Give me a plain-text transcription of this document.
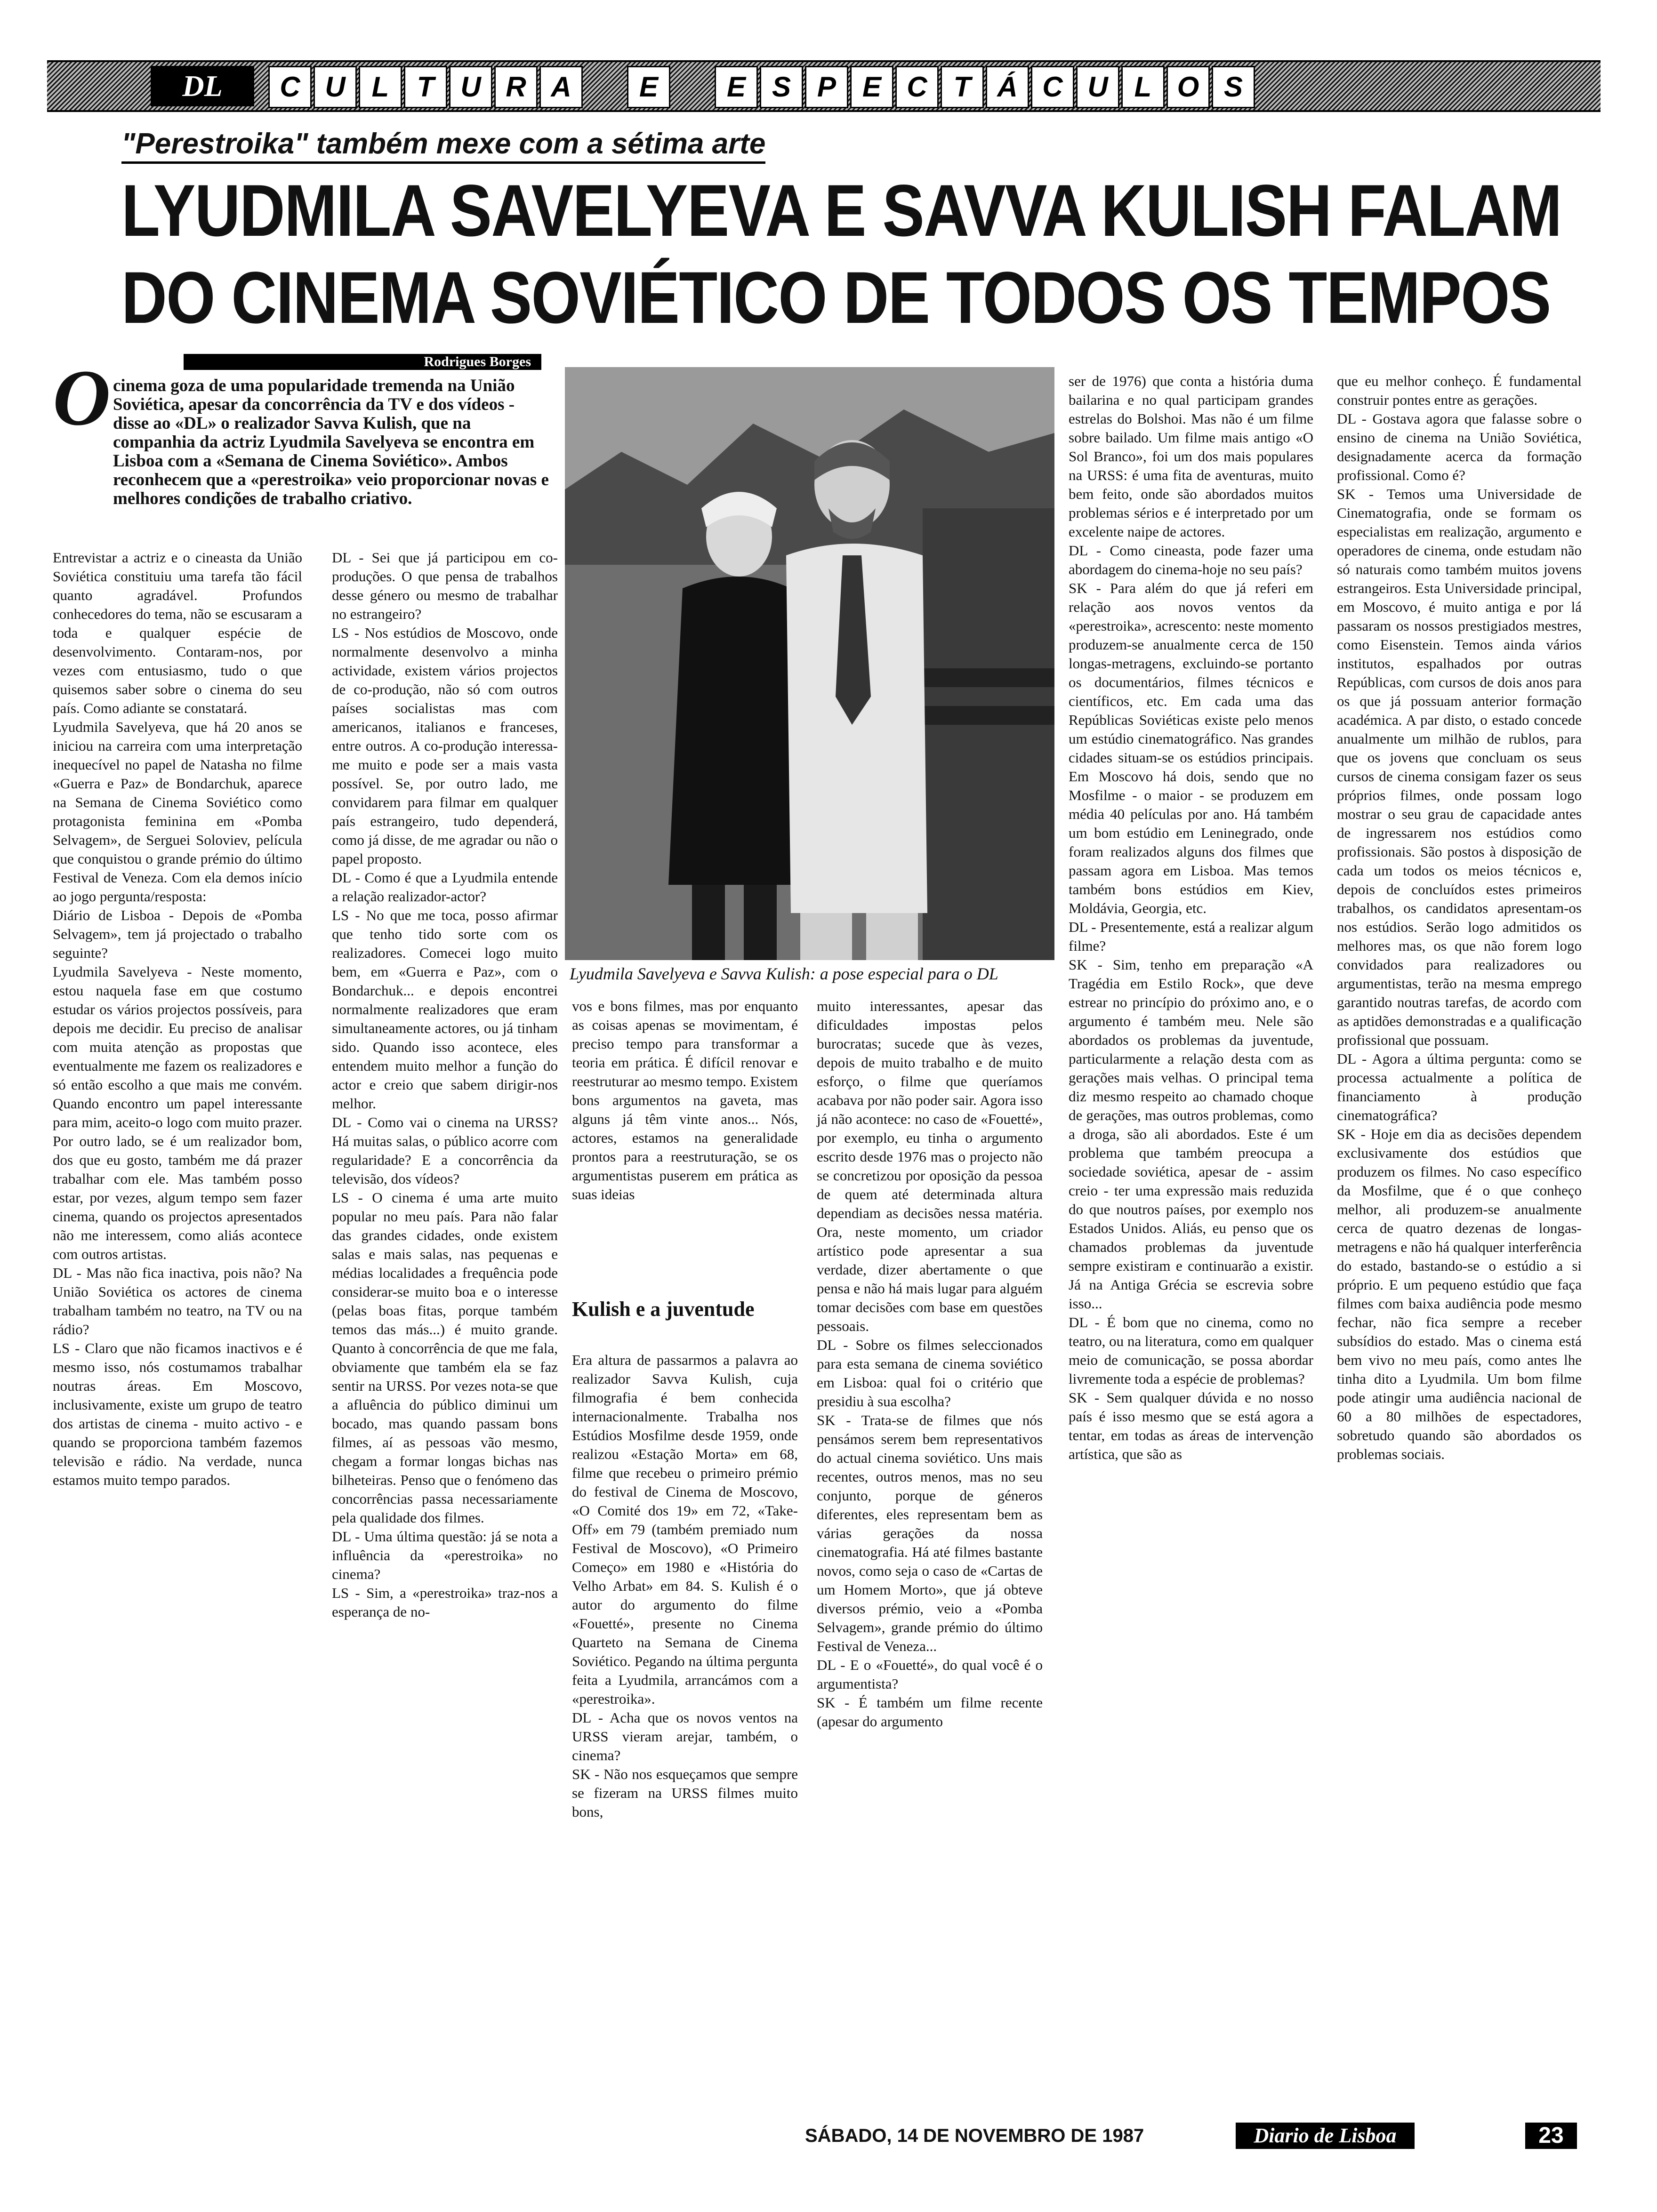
DL	C U L T U R A	E	E S P E C T Á C U L O S
"Perestroika" também mexe com a sétima arte
LYUDMILA SAVELYEVA E SAVVA KULISH FALAM
DO CINEMA SOVIÉTICO DE TODOS OS TEMPOS
Rodrigues Borges
O cinema goza de uma popularidade tremenda na União Soviética, apesar da concorrência da TV e dos vídeos - disse ao «DL» o realizador Savva Kulish, que na companhia da actriz Lyudmila Savelyeva se encontra em Lisboa com a «Semana de Cinema Soviético». Ambos reconhecem que a «perestroika» veio proporcionar novas e melhores condições de trabalho criativo.
Lyudmila Savelyeva e Savva Kulish: a pose especial para o DL
Entrevistar a actriz e o cineasta da União Soviética constituiu uma tarefa tão fácil quanto agradável. Profundos conhecedores do tema, não se escusaram a toda e qualquer espécie de desenvolvimento. Contaram-nos, por vezes com entusiasmo, tudo o que quisemos saber sobre o cinema do seu país. Como adiante se constatará.
Lyudmila Savelyeva, que há 20 anos se iniciou na carreira com uma interpretação inequecível no papel de Natasha no filme «Guerra e Paz» de Bondarchuk, aparece na Semana de Cinema Soviético como protagonista feminina em «Pomba Selvagem», de Serguei Soloviev, película que conquistou o grande prémio do último Festival de Veneza. Com ela demos início ao jogo pergunta/resposta:
Diário de Lisboa - Depois de «Pomba Selvagem», tem já projectado o trabalho seguinte?
Lyudmila Savelyeva - Neste momento, estou naquela fase em que costumo estudar os vários projectos possíveis, para depois me decidir. Eu preciso de analisar com muita atenção as propostas que eventualmente me fazem os realizadores e só então escolho a que mais me convém. Quando encontro um papel interessante para mim, aceito-o logo com muito prazer. Por outro lado, se é um realizador bom, dos que eu gosto, também me dá prazer trabalhar com ele. Mas também posso estar, por vezes, algum tempo sem fazer cinema, quando os projectos apresentados não me interessem, como aliás acontece com outros artistas.
DL - Mas não fica inactiva, pois não? Na União Soviética os actores de cinema trabalham também no teatro, na TV ou na rádio?
LS - Claro que não ficamos inactivos e é mesmo isso, nós costumamos trabalhar noutras áreas. Em Moscovo, inclusivamente, existe um grupo de teatro dos artistas de cinema - muito activo - e quando se proporciona também fazemos televisão e rádio. Na verdade, nunca estamos muito tempo parados.
DL - Sei que já participou em co-produções. O que pensa de trabalhos desse género ou mesmo de trabalhar no estrangeiro?
LS - Nos estúdios de Moscovo, onde normalmente desenvolvo a minha actividade, existem vários projectos de co-produção, não só com outros países socialistas mas com americanos, italianos e franceses, entre outros. A co-produção interessa-me muito e pode ser a mais vasta possível. Se, por outro lado, me convidarem para filmar em qualquer país estrangeiro, tudo dependerá, como já disse, de me agradar ou não o papel proposto.
DL - Como é que a Lyudmila entende a relação realizador-actor?
LS - No que me toca, posso afirmar que tenho tido sorte com os realizadores. Comecei logo muito bem, em «Guerra e Paz», com o Bondarchuk... e depois encontrei normalmente realizadores que eram simultaneamente actores, ou já tinham sido. Quando isso acontece, eles entendem muito melhor a função do actor e creio que sabem dirigir-nos melhor.
DL - Como vai o cinema na URSS? Há muitas salas, o público acorre com regularidade? E a concorrência da televisão, dos vídeos?
LS - O cinema é uma arte muito popular no meu país. Para não falar das grandes cidades, onde existem salas e mais salas, nas pequenas e médias localidades a frequência pode considerar-se muito boa e o interesse (pelas boas fitas, porque também temos das más...) é muito grande. Quanto à concorrência de que me fala, obviamente que também ela se faz sentir na URSS. Por vezes nota-se que a afluência do público diminui um bocado, mas quando passam bons filmes, aí as pessoas vão mesmo, chegam a formar longas bichas nas bilheteiras. Penso que o fenómeno das concorrências passa necessariamente pela qualidade dos filmes.
DL - Uma última questão: já se nota a influência da «perestroika» no cinema?
LS - Sim, a «perestroika» traz-nos a esperança de no-
vos e bons filmes, mas por enquanto as coisas apenas se movimentam, é preciso tempo para transformar a teoria em prática. É difícil renovar e reestruturar ao mesmo tempo. Existem bons argumentos na gaveta, mas alguns já têm vinte anos... Nós, actores, estamos na generalidade prontos para a reestruturação, se os argumentistas puserem em prática as suas ideias
Kulish e a juventude
Era altura de passarmos a palavra ao realizador Savva Kulish, cuja filmografia é bem conhecida internacionalmente. Trabalha nos Estúdios Mosfilme desde 1959, onde realizou «Estação Morta» em 68, filme que recebeu o primeiro prémio do festival de Cinema de Moscovo, «O Comité dos 19» em 72, «Take-Off» em 79 (também premiado num Festival de Moscovo), «O Primeiro Começo» em 1980 e «História do Velho Arbat» em 84. S. Kulish é o autor do argumento do filme «Fouetté», presente no Cinema Quarteto na Semana de Cinema Soviético. Pegando na última pergunta feita a Lyudmila, arrancámos com a «perestroika».
DL - Acha que os novos ventos na URSS vieram arejar, também, o cinema?
SK - Não nos esqueçamos que sempre se fizeram na URSS filmes muito bons,
muito interessantes, apesar das dificuldades impostas pelos burocratas; sucede que às vezes, depois de muito trabalho e de muito esforço, o filme que queríamos acabava por não poder sair. Agora isso já não acontece: no caso de «Fouetté», por exemplo, eu tinha o argumento escrito desde 1976 mas o projecto não se concretizou por oposição da pessoa de quem até determinada altura dependiam as decisões nessa matéria. Ora, neste momento, um criador artístico pode apresentar a sua verdade, dizer abertamente o que pensa e não há mais lugar para alguém tomar decisões com base em questões pessoais.
DL - Sobre os filmes seleccionados para esta semana de cinema soviético em Lisboa: qual foi o critério que presidiu à sua escolha?
SK - Trata-se de filmes que nós pensámos serem bem representativos do actual cinema soviético. Uns mais recentes, outros menos, mas no seu conjunto, porque de géneros diferentes, eles representam bem as várias gerações da nossa cinematografia. Há até filmes bastante novos, como seja o caso de «Cartas de um Homem Morto», que já obteve diversos prémio, veio a «Pomba Selvagem», grande prémio do último Festival de Veneza...
DL - E o «Fouetté», do qual você é o argumentista?
SK - É também um filme recente (apesar do argumento
ser de 1976) que conta a história duma bailarina e no qual participam grandes estrelas do Bolshoi. Mas não é um filme sobre bailado. Um filme mais antigo «O Sol Branco», foi um dos mais populares na URSS: é uma fita de aventuras, muito bem feito, onde são abordados muitos problemas sérios e é interpretado por um excelente naipe de actores.
DL - Como cineasta, pode fazer uma abordagem do cinema-hoje no seu país?
SK - Para além do que já referi em relação aos novos ventos da «perestroika», acrescento: neste momento produzem-se anualmente cerca de 150 longas-metragens, excluindo-se portanto os documentários, filmes técnicos e científicos, etc. Em cada uma das Repúblicas Soviéticas existe pelo menos um estúdio cinematográfico. Nas grandes cidades situam-se os estúdios principais. Em Moscovo há dois, sendo que no Mosfilme - o maior - se produzem em média 40 películas por ano. Há também um bom estúdio em Leninegrado, onde foram realizados alguns dos filmes que passam agora em Lisboa. Mas temos também bons estúdios em Kiev, Moldávia, Georgia, etc.
DL - Presentemente, está a realizar algum filme?
SK - Sim, tenho em preparação «A Tragédia em Estilo Rock», que deve estrear no princípio do próximo ano, e o argumento é também meu. Nele são abordados os problemas da juventude, particularmente a relação desta com as gerações mais velhas. O principal tema diz mesmo respeito ao chamado choque de gerações, mas outros problemas, como a droga, são ali abordados. Este é um problema que também preocupa a sociedade soviética, apesar de - assim creio - ter uma expressão mais reduzida do que noutros países, por exemplo nos Estados Unidos. Aliás, eu penso que os chamados problemas da juventude sempre existiram e continuarão a existir. Já na Antiga Grécia se escrevia sobre isso...
DL - É bom que no cinema, como no teatro, ou na literatura, como em qualquer meio de comunicação, se possa abordar livremente toda a espécie de problemas?
SK - Sem qualquer dúvida e no nosso país é isso mesmo que se está agora a tentar, em todas as áreas de intervenção artística, que são as
que eu melhor conheço. É fundamental construir pontes entre as gerações.
DL - Gostava agora que falasse sobre o ensino de cinema na União Soviética, designadamente acerca da formação profissional. Como é?
SK - Temos uma Universidade de Cinematografia, onde se formam os especialistas em realização, argumento e operadores de cinema, onde estudam não só naturais como também muitos jovens estrangeiros. Esta Universidade principal, em Moscovo, é muito antiga e por lá passaram os nossos prestigiados mestres, como Eisenstein. Temos ainda vários institutos, espalhados por outras Repúblicas, com cursos de dois anos para os que já possuam anterior formação académica. A par disto, o estado concede anualmente um milhão de rublos, para que os jovens que concluam os seus cursos de cinema consigam fazer os seus próprios filmes, onde possam logo mostrar o seu grau de capacidade antes de ingressarem nos estúdios como profissionais. São postos à disposição de cada um todos os meios técnicos e, depois de concluídos estes primeiros trabalhos, os candidatos apresentam-os nos estúdios. Serão logo admitidos os melhores mas, os que não forem logo convidados para realizadores ou argumentistas, terão na mesma emprego garantido noutras tarefas, de acordo com as aptidões demonstradas e a qualificação profissional que possuam.
DL - Agora a última pergunta: como se processa actualmente a política de financiamento à produção cinematográfica?
SK - Hoje em dia as decisões dependem exclusivamente dos estúdios que produzem os filmes. No caso específico da Mosfilme, que é o que conheço melhor, ali produzem-se anualmente cerca de quatro dezenas de longas-metragens e não há qualquer interferência do estado, bastando-se o estúdio a si próprio. E um pequeno estúdio que faça filmes com baixa audiência pode mesmo fechar, não fica sempre a receber subsídios do estado. Mas o cinema está bem vivo no meu país, como antes lhe tinha dito a Lyudmila. Um bom filme pode atingir uma audiência nacional de 60 a 80 milhões de espectadores, sobretudo quando são abordados os problemas sociais.
SÁBADO, 14 DE NOVEMBRO DE 1987	Diario de Lisboa	23
